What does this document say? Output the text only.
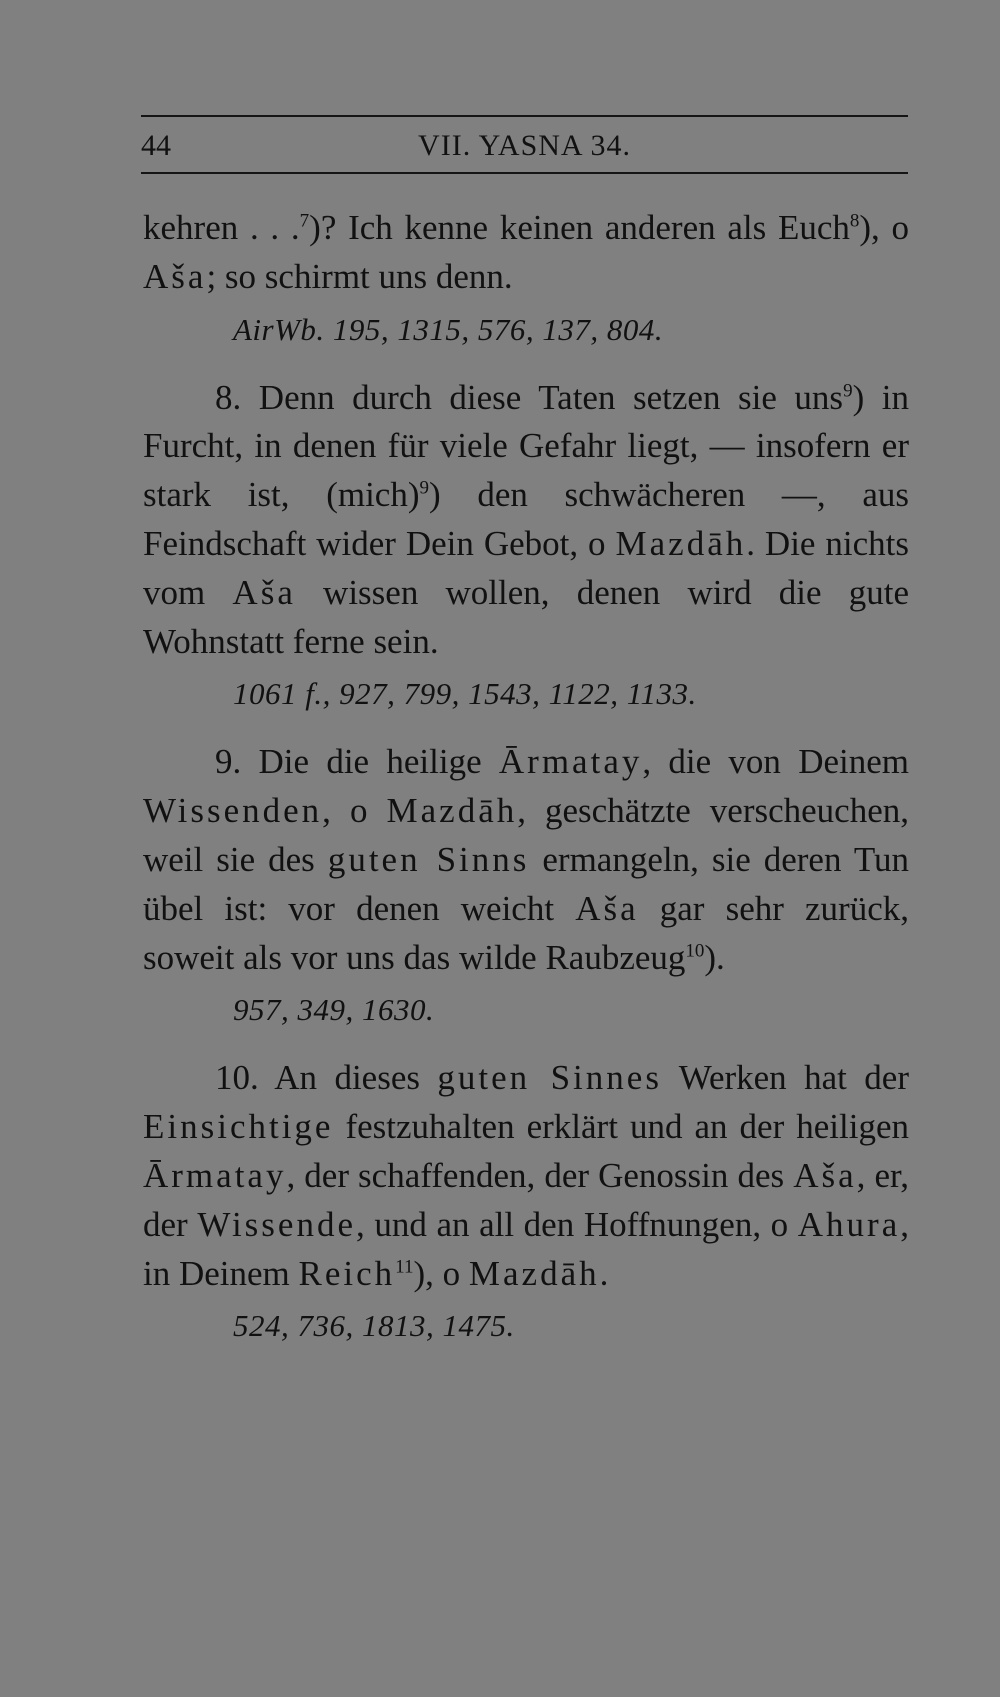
44	VII. YASNA 34.

kehren . . .$^7$)? Ich kenne keinen anderen als Euch$^8$), o Aša; so schirmt uns denn.

AirWb. 195, 1315, 576, 137, 804.

8. Denn durch diese Taten setzen sie uns$^9$) in Furcht, in denen für viele Gefahr liegt, — insofern er stark ist, (mich)$^9$) den schwächeren —, aus Feindschaft wider Dein Gebot, o Mazdāh. Die nichts vom Aša wissen wollen, denen wird die gute Wohnstatt ferne sein.

1061 f., 927, 799, 1543, 1122, 1133.

9. Die die heilige Ārmatay, die von Deinem Wissenden, o Mazdāh, geschätzte verscheuchen, weil sie des guten Sinns ermangeln, sie deren Tun übel ist: vor denen weicht Aša gar sehr zurück, soweit als vor uns das wilde Raubzeug$^{10}$).

957, 349, 1630.

10. An dieses guten Sinnes Werken hat der Einsichtige festzuhalten erklärt und an der heiligen Ārmatay, der schaffenden, der Genossin des Aša, er, der Wissende, und an all den Hoffnungen, o Ahura, in Deinem Reich$^{11}$), o Mazdāh.

524, 736, 1813, 1475.
